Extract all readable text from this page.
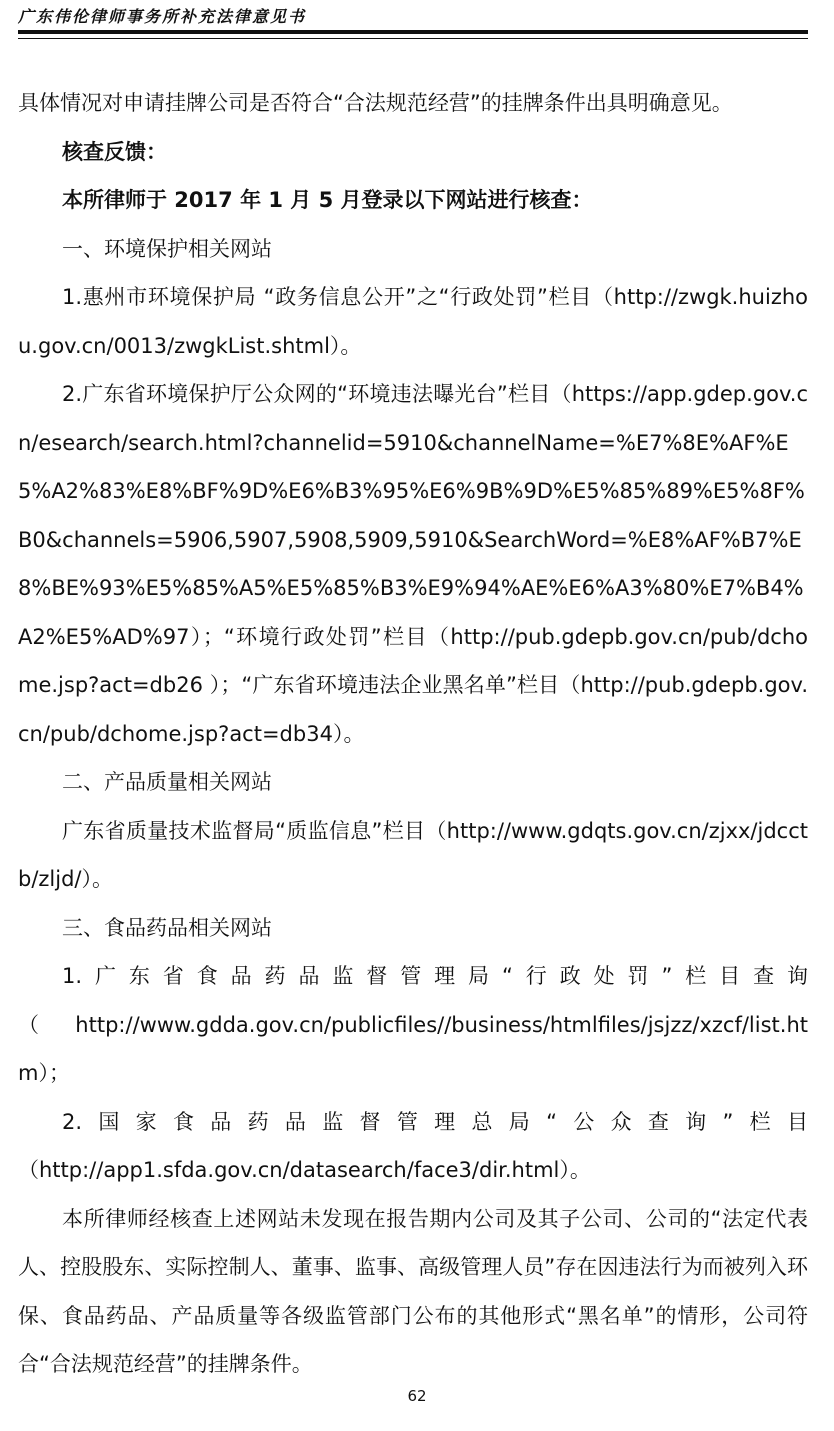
广东伟伦律师事务所补充法律意见书

具体情况对申请挂牌公司是否符合“合法规范经营”的挂牌条件出具明确意见。

核查反馈：

本所律师于 2017 年 1 月 5 月登录以下网站进行核查：

一、环境保护相关网站

1.惠州市环境保护局 “政务信息公开”之“行政处罚”栏目（http://zwgk.huizhou.gov.cn/0013/zwgkList.shtml）。

2.广东省环境保护厅公众网的“环境违法曝光台”栏目（https://app.gdep.gov.cn/esearch/search.html?channelid=5910&channelName=%E7%8E%AF%E5%A2%83%E8%BF%9D%E6%B3%95%E6%9B%9D%E5%85%89%E5%8F%B0&channels=5906,5907,5908,5909,5910&SearchWord=%E8%AF%B7%E8%BE%93%E5%85%A5%E5%85%B3%E9%94%AE%E6%A3%80%E7%B4%A2%E5%AD%97）；“环境行政处罚”栏目（http://pub.gdepb.gov.cn/pub/dchome.jsp?act=db26 ）；“广东省环境违法企业黑名单”栏目（http://pub.gdepb.gov.cn/pub/dchome.jsp?act=db34）。

二、产品质量相关网站

广东省质量技术监督局“质监信息”栏目（http://www.gdqts.gov.cn/zjxx/jdcctb/zljd/）。

三、食品药品相关网站

1.广东省食品药品监督管理局“行政处罚”栏目查询

（http://www.gdda.gov.cn/publicfiles//business/htmlfiles/jsjzz/xzcf/list.htm）；

2.国家食品药品监督管理总局“公众查询”栏目

（http://app1.sfda.gov.cn/datasearch/face3/dir.html）。

本所律师经核查上述网站未发现在报告期内公司及其子公司、公司的“法定代表人、控股股东、实际控制人、董事、监事、高级管理人员”存在因违法行为而被列入环保、食品药品、产品质量等各级监管部门公布的其他形式“黑名单”的情形，公司符合“合法规范经营”的挂牌条件。

62
